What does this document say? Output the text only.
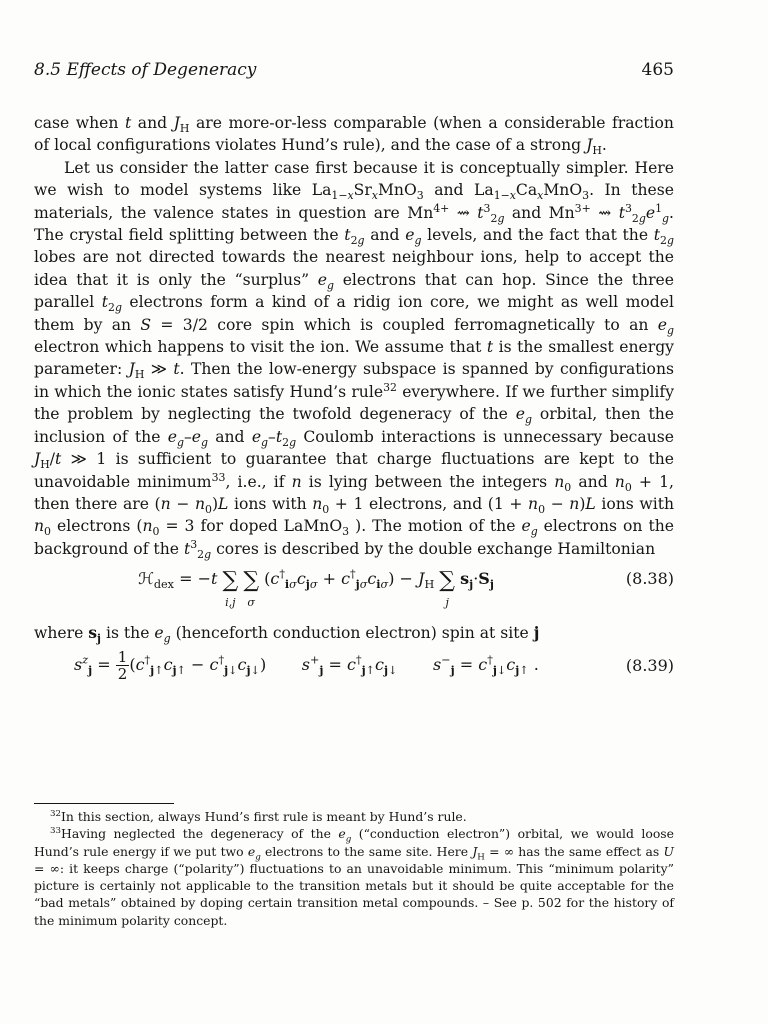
8.5 Effects of Degeneracy	465

case when t and $J_H$ are more-or-less comparable (when a considerable fraction of local configurations violates Hund’s rule), and the case of a strong $J_H$.

Let us consider the latter case first because it is conceptually simpler. Here we wish to model systems like $La_{1-x}Sr_xMnO_3$ and $La_{1-x}Ca_xMnO_3$. In these materials, the valence states in question are $Mn^{4+}$ ⇝ $t^3_{2g}$ and $Mn^{3+}$ ⇝ $t^3_{2g}e^1_g$. The crystal field splitting between the $t_{2g}$ and $e_g$ levels, and the fact that the $t_{2g}$ lobes are not directed towards the nearest neighbour ions, help to accept the idea that it is only the “surplus” $e_g$ electrons that can hop. Since the three parallel $t_{2g}$ electrons form a kind of a ridig ion core, we might as well model them by an S = 3/2 core spin which is coupled ferromagnetically to an $e_g$ electron which happens to visit the ion. We assume that t is the smallest energy parameter: $J_H$ ≫ t. Then the low-energy subspace is spanned by configurations in which the ionic states satisfy Hund’s rule$^{32}$ everywhere. If we further simplify the problem by neglecting the twofold degeneracy of the $e_g$ orbital, then the inclusion of the $e_g-e_g$ and $e_g-t_{2g}$ Coulomb interactions is unnecessary because $J_H/t$ ≫ 1 is sufficient to guarantee that charge fluctuations are kept to the unavoidable minimum$^{33}$, i.e., if n is lying between the integers $n_0$ and $n_0 + 1$, then there are $(n - n_0)L$ ions with $n_0 + 1$ electrons, and $(1 + n_0 - n)L$ ions with $n_0$ electrons ($n_0 = 3$ for doped LaMnO$_3$ ). The motion of the $e_g$ electrons on the background of the $t^3_{2g}$ cores is described by the double exchange Hamiltonian

ℋ$_{dex}$ = −t ∑
i,j
∑
σ
$(c^\dagger_{i\sigma}c_{j\sigma} + c^\dagger_{j\sigma}c_{i\sigma}) - J_H$ ∑
j
$s_j\cdot S_j$	(8.38)

where $s_j$ is the $e_g$ (henceforth conduction electron) spin at site j

$s^z_j = \frac{1}{2} (c^\dagger_{j↑}c_{j↑} - c^\dagger_{j↓}c_{j↓})$       $s^+_j = c^\dagger_{j↑}c_{j↓}$ $s^-_j = c^\dagger_{j↓}c_{j↑}$ .	(8.39)

$^{32}$In this section, always Hund’s first rule is meant by Hund’s rule.

$^{33}$Having neglected the degeneracy of the $e_g$ (“conduction electron”) orbital, we would loose Hund’s rule energy if we put two $e_g$ electrons to the same site. Here $J_H$ = ∞ has the same effect as U = ∞: it keeps charge (“polarity”) fluctuations to an unavoidable minimum. This “minimum polarity” picture is certainly not applicable to the transition metals but it should be quite acceptable for the “bad metals” obtained by doping certain transition metal compounds. – See p. 502 for the history of the minimum polarity concept.
